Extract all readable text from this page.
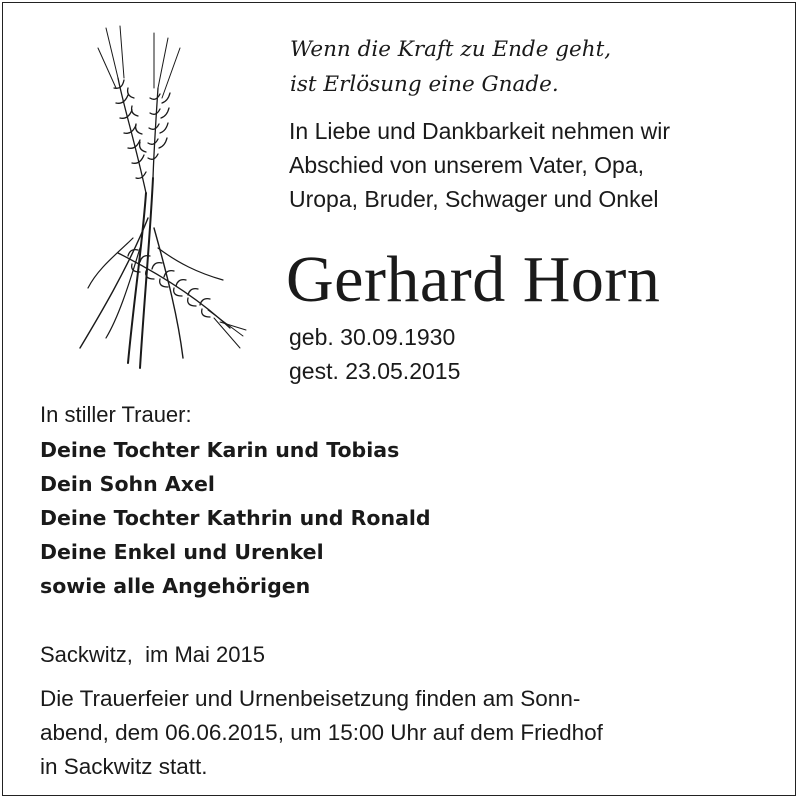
Wenn die Kraft zu Ende geht,
ist Erlösung eine Gnade.
In Liebe und Dankbarkeit nehmen wir
Abschied von unserem Vater, Opa,
Uropa, Bruder, Schwager und Onkel
Gerhard Horn
geb. 30.09.1930
gest. 23.05.2015
In stiller Trauer:
Deine Tochter Karin und Tobias
Dein Sohn Axel
Deine Tochter Kathrin und Ronald
Deine Enkel und Urenkel
sowie alle Angehörigen
Sackwitz,  im Mai 2015
Die Trauerfeier und Urnenbeisetzung finden am Sonn-
abend, dem 06.06.2015, um 15:00 Uhr auf dem Friedhof
in Sackwitz statt.
